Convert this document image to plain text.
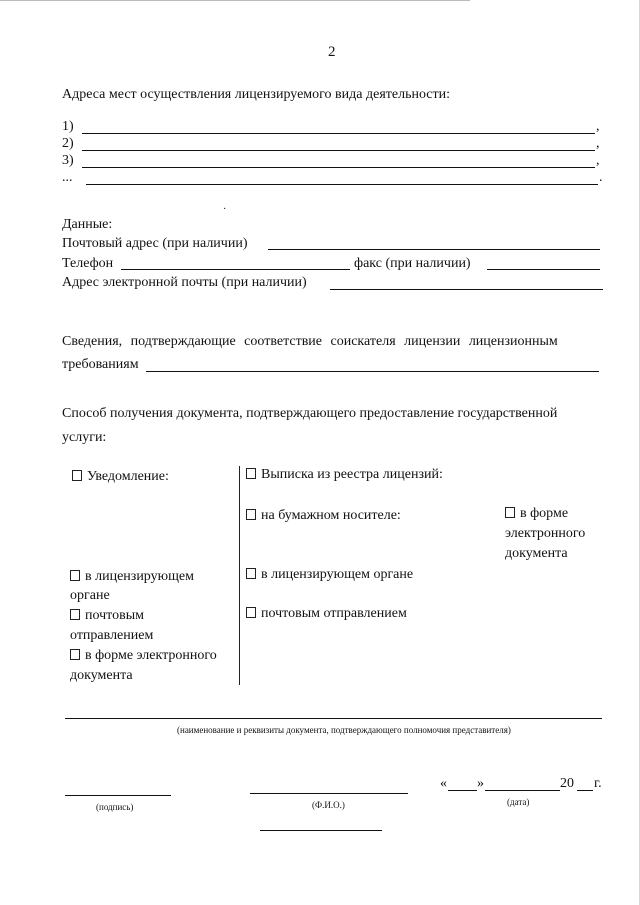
2
Адреса мест осуществления лицензируемого вида деятельности:
1)	,
2)	,
3)	,
...	.
·
Данные:
Почтовый адрес (при наличии)
Телефон	факс (при наличии)
Адрес электронной почты (при наличии)
Сведения, подтверждающие соответствие соискателя лицензии лицензионным
требованиям
Способ получения документа, подтверждающего предоставление государственной
услуги:
Уведомление:
в лицензирующем
органе
почтовым
отправлением
в форме электронного
документа
Выписка из реестра лицензий:
на бумажном носителе:	в форме
электронного
документа
в лицензирующем органе
почтовым отправлением
(наименование и реквизиты документа, подтверждающего полномочия представителя)
(подпись)	(Ф.И.О.)
« »	20 г.
(дата)
